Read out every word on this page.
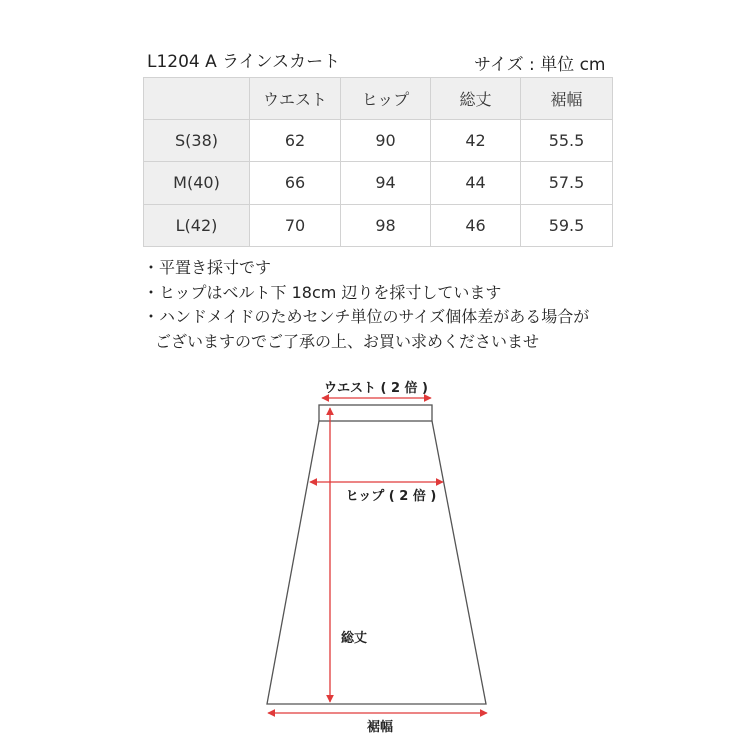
L1204 A ラインスカート	サイズ : 単位 cm
	ウエスト	ヒップ	総丈	裾幅
S(38)	62	90	42	55.5
M(40)	66	94	44	57.5
L(42)	70	98	46	59.5
・平置き採寸です
・ヒップはベルト下 18cm 辺りを採寸しています
・ハンドメイドのためセンチ単位のサイズ個体差がある場合が
ございますのでご了承の上、お買い求めくださいませ
ウエスト ( 2 倍 )
ヒップ ( 2 倍 )
総丈
裾幅
